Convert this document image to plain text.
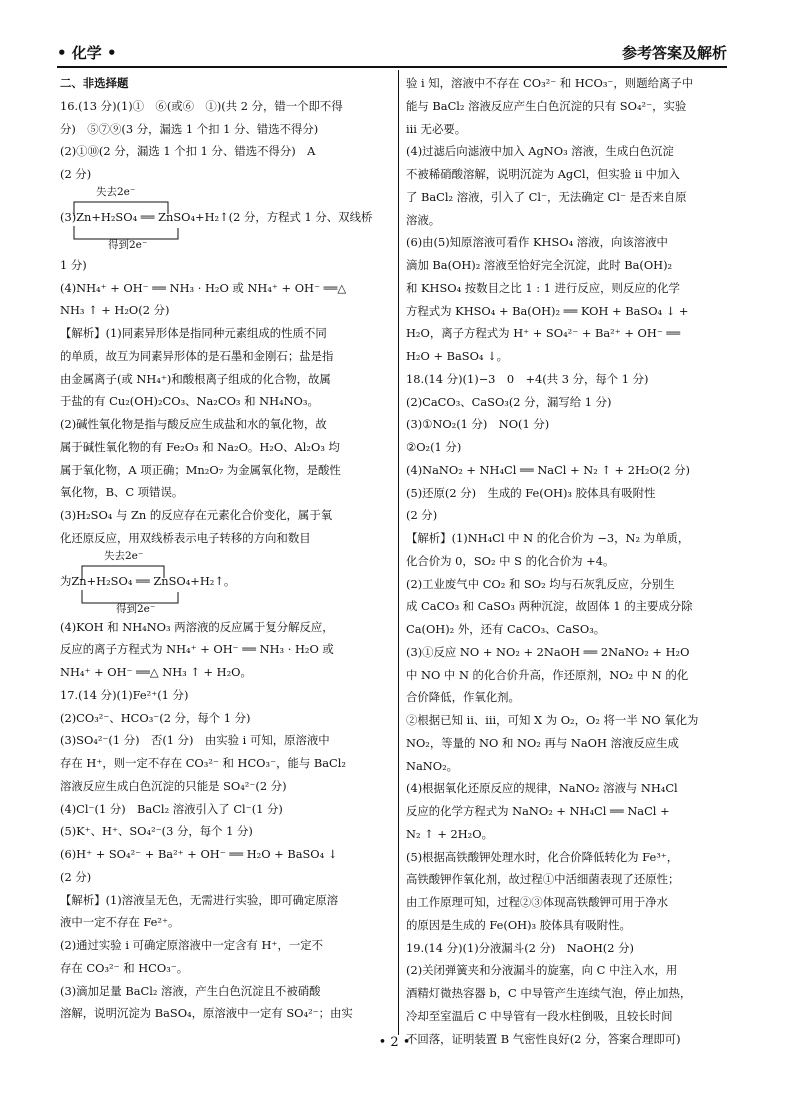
• 化学 •	参考答案及解析

二、非选择题

16.(13 分)(1)①　⑥(或⑥　①)(共 2 分，错一个即不得

分)　⑤⑦⑨(3 分，漏选 1 个扣 1 分、错选不得分)

(2)①⑩(2 分，漏选 1 个扣 1 分、错选不得分)　A

(2 分)

失去2e⁻
(3)Zn+H₂SO₄ ══ ZnSO₄+H₂↑(2 分，方程式 1 分、双线桥
得到2e⁻

1 分)

(4)NH₄⁺ + OH⁻ ══ NH₃ · H₂O 或 NH₄⁺ + OH⁻ ══△

NH₃ ↑ + H₂O(2 分)

【解析】(1)同素异形体是指同种元素组成的性质不同

的单质，故互为同素异形体的是石墨和金刚石；盐是指

由金属离子(或 NH₄⁺)和酸根离子组成的化合物，故属

于盐的有 Cu₂(OH)₂CO₃、Na₂CO₃ 和 NH₄NO₃。

(2)碱性氧化物是指与酸反应生成盐和水的氧化物，故

属于碱性氧化物的有 Fe₂O₃ 和 Na₂O。H₂O、Al₂O₃ 均

属于氧化物，A 项正确；Mn₂O₇ 为金属氧化物，是酸性

氧化物，B、C 项错误。

(3)H₂SO₄ 与 Zn 的反应存在元素化合价变化，属于氧

化还原反应，用双线桥表示电子转移的方向和数目

失去2e⁻
为Zn+H₂SO₄ ══ ZnSO₄+H₂↑。
得到2e⁻

(4)KOH 和 NH₄NO₃ 两溶液的反应属于复分解反应，

反应的离子方程式为 NH₄⁺ + OH⁻ ══ NH₃ · H₂O 或

NH₄⁺ + OH⁻ ══△ NH₃ ↑ + H₂O。

17.(14 分)(1)Fe²⁺(1 分)

(2)CO₃²⁻、HCO₃⁻(2 分，每个 1 分)

(3)SO₄²⁻(1 分)　否(1 分)　由实验 i 可知，原溶液中

存在 H⁺，则一定不存在 CO₃²⁻ 和 HCO₃⁻，能与 BaCl₂

溶液反应生成白色沉淀的只能是 SO₄²⁻(2 分)

(4)Cl⁻(1 分)　BaCl₂ 溶液引入了 Cl⁻(1 分)

(5)K⁺、H⁺、SO₄²⁻(3 分，每个 1 分)

(6)H⁺ + SO₄²⁻ + Ba²⁺ + OH⁻ ══ H₂O + BaSO₄ ↓

(2 分)

【解析】(1)溶液呈无色，无需进行实验，即可确定原溶

液中一定不存在 Fe²⁺。

(2)通过实验 i 可确定原溶液中一定含有 H⁺，一定不

存在 CO₃²⁻ 和 HCO₃⁻。

(3)滴加足量 BaCl₂ 溶液，产生白色沉淀且不被硝酸

溶解，说明沉淀为 BaSO₄，原溶液中一定有 SO₄²⁻；由实

验 i 知，溶液中不存在 CO₃²⁻ 和 HCO₃⁻，则题给离子中

能与 BaCl₂ 溶液反应产生白色沉淀的只有 SO₄²⁻，实验

iii 无必要。

(4)过滤后向滤液中加入 AgNO₃ 溶液，生成白色沉淀

不被稀硝酸溶解，说明沉淀为 AgCl，但实验 ii 中加入

了 BaCl₂ 溶液，引入了 Cl⁻，无法确定 Cl⁻ 是否来自原

溶液。

(6)由(5)知原溶液可看作 KHSO₄ 溶液，向该溶液中

滴加 Ba(OH)₂ 溶液至恰好完全沉淀，此时 Ba(OH)₂

和 KHSO₄ 按数目之比 1 : 1 进行反应，则反应的化学

方程式为 KHSO₄ + Ba(OH)₂ ══ KOH + BaSO₄ ↓ +

H₂O，离子方程式为 H⁺ + SO₄²⁻ + Ba²⁺ + OH⁻ ══

H₂O + BaSO₄ ↓。

18.(14 分)(1)−3　0　+4(共 3 分，每个 1 分)

(2)CaCO₃、CaSO₃(2 分，漏写给 1 分)

(3)①NO₂(1 分)　NO(1 分)

②O₂(1 分)

(4)NaNO₂ + NH₄Cl ══ NaCl + N₂ ↑ + 2H₂O(2 分)

(5)还原(2 分)　生成的 Fe(OH)₃ 胶体具有吸附性

(2 分)

【解析】(1)NH₄Cl 中 N 的化合价为 −3，N₂ 为单质，

化合价为 0，SO₂ 中 S 的化合价为 +4。

(2)工业废气中 CO₂ 和 SO₂ 均与石灰乳反应，分别生

成 CaCO₃ 和 CaSO₃ 两种沉淀，故固体 1 的主要成分除

Ca(OH)₂ 外，还有 CaCO₃、CaSO₃。

(3)①反应 NO + NO₂ + 2NaOH ══ 2NaNO₂ + H₂O

中 NO 中 N 的化合价升高，作还原剂，NO₂ 中 N 的化

合价降低，作氧化剂。

②根据已知 ii、iii，可知 X 为 O₂，O₂ 将一半 NO 氧化为

NO₂，等量的 NO 和 NO₂ 再与 NaOH 溶液反应生成

NaNO₂。

(4)根据氧化还原反应的规律，NaNO₂ 溶液与 NH₄Cl

反应的化学方程式为 NaNO₂ + NH₄Cl ══ NaCl +

N₂ ↑ + 2H₂O。

(5)根据高铁酸钾处理水时，化合价降低转化为 Fe³⁺，

高铁酸钾作氧化剂，故过程①中活细菌表现了还原性；

由工作原理可知，过程②③体现高铁酸钾可用于净水

的原因是生成的 Fe(OH)₃ 胶体具有吸附性。

19.(14 分)(1)分液漏斗(2 分)　NaOH(2 分)

(2)关闭弹簧夹和分液漏斗的旋塞，向 C 中注入水，用

酒精灯微热容器 b，C 中导管产生连续气泡，停止加热，

冷却至室温后 C 中导管有一段水柱倒吸，且较长时间

不回落，证明装置 B 气密性良好(2 分，答案合理即可)

• 2 •
